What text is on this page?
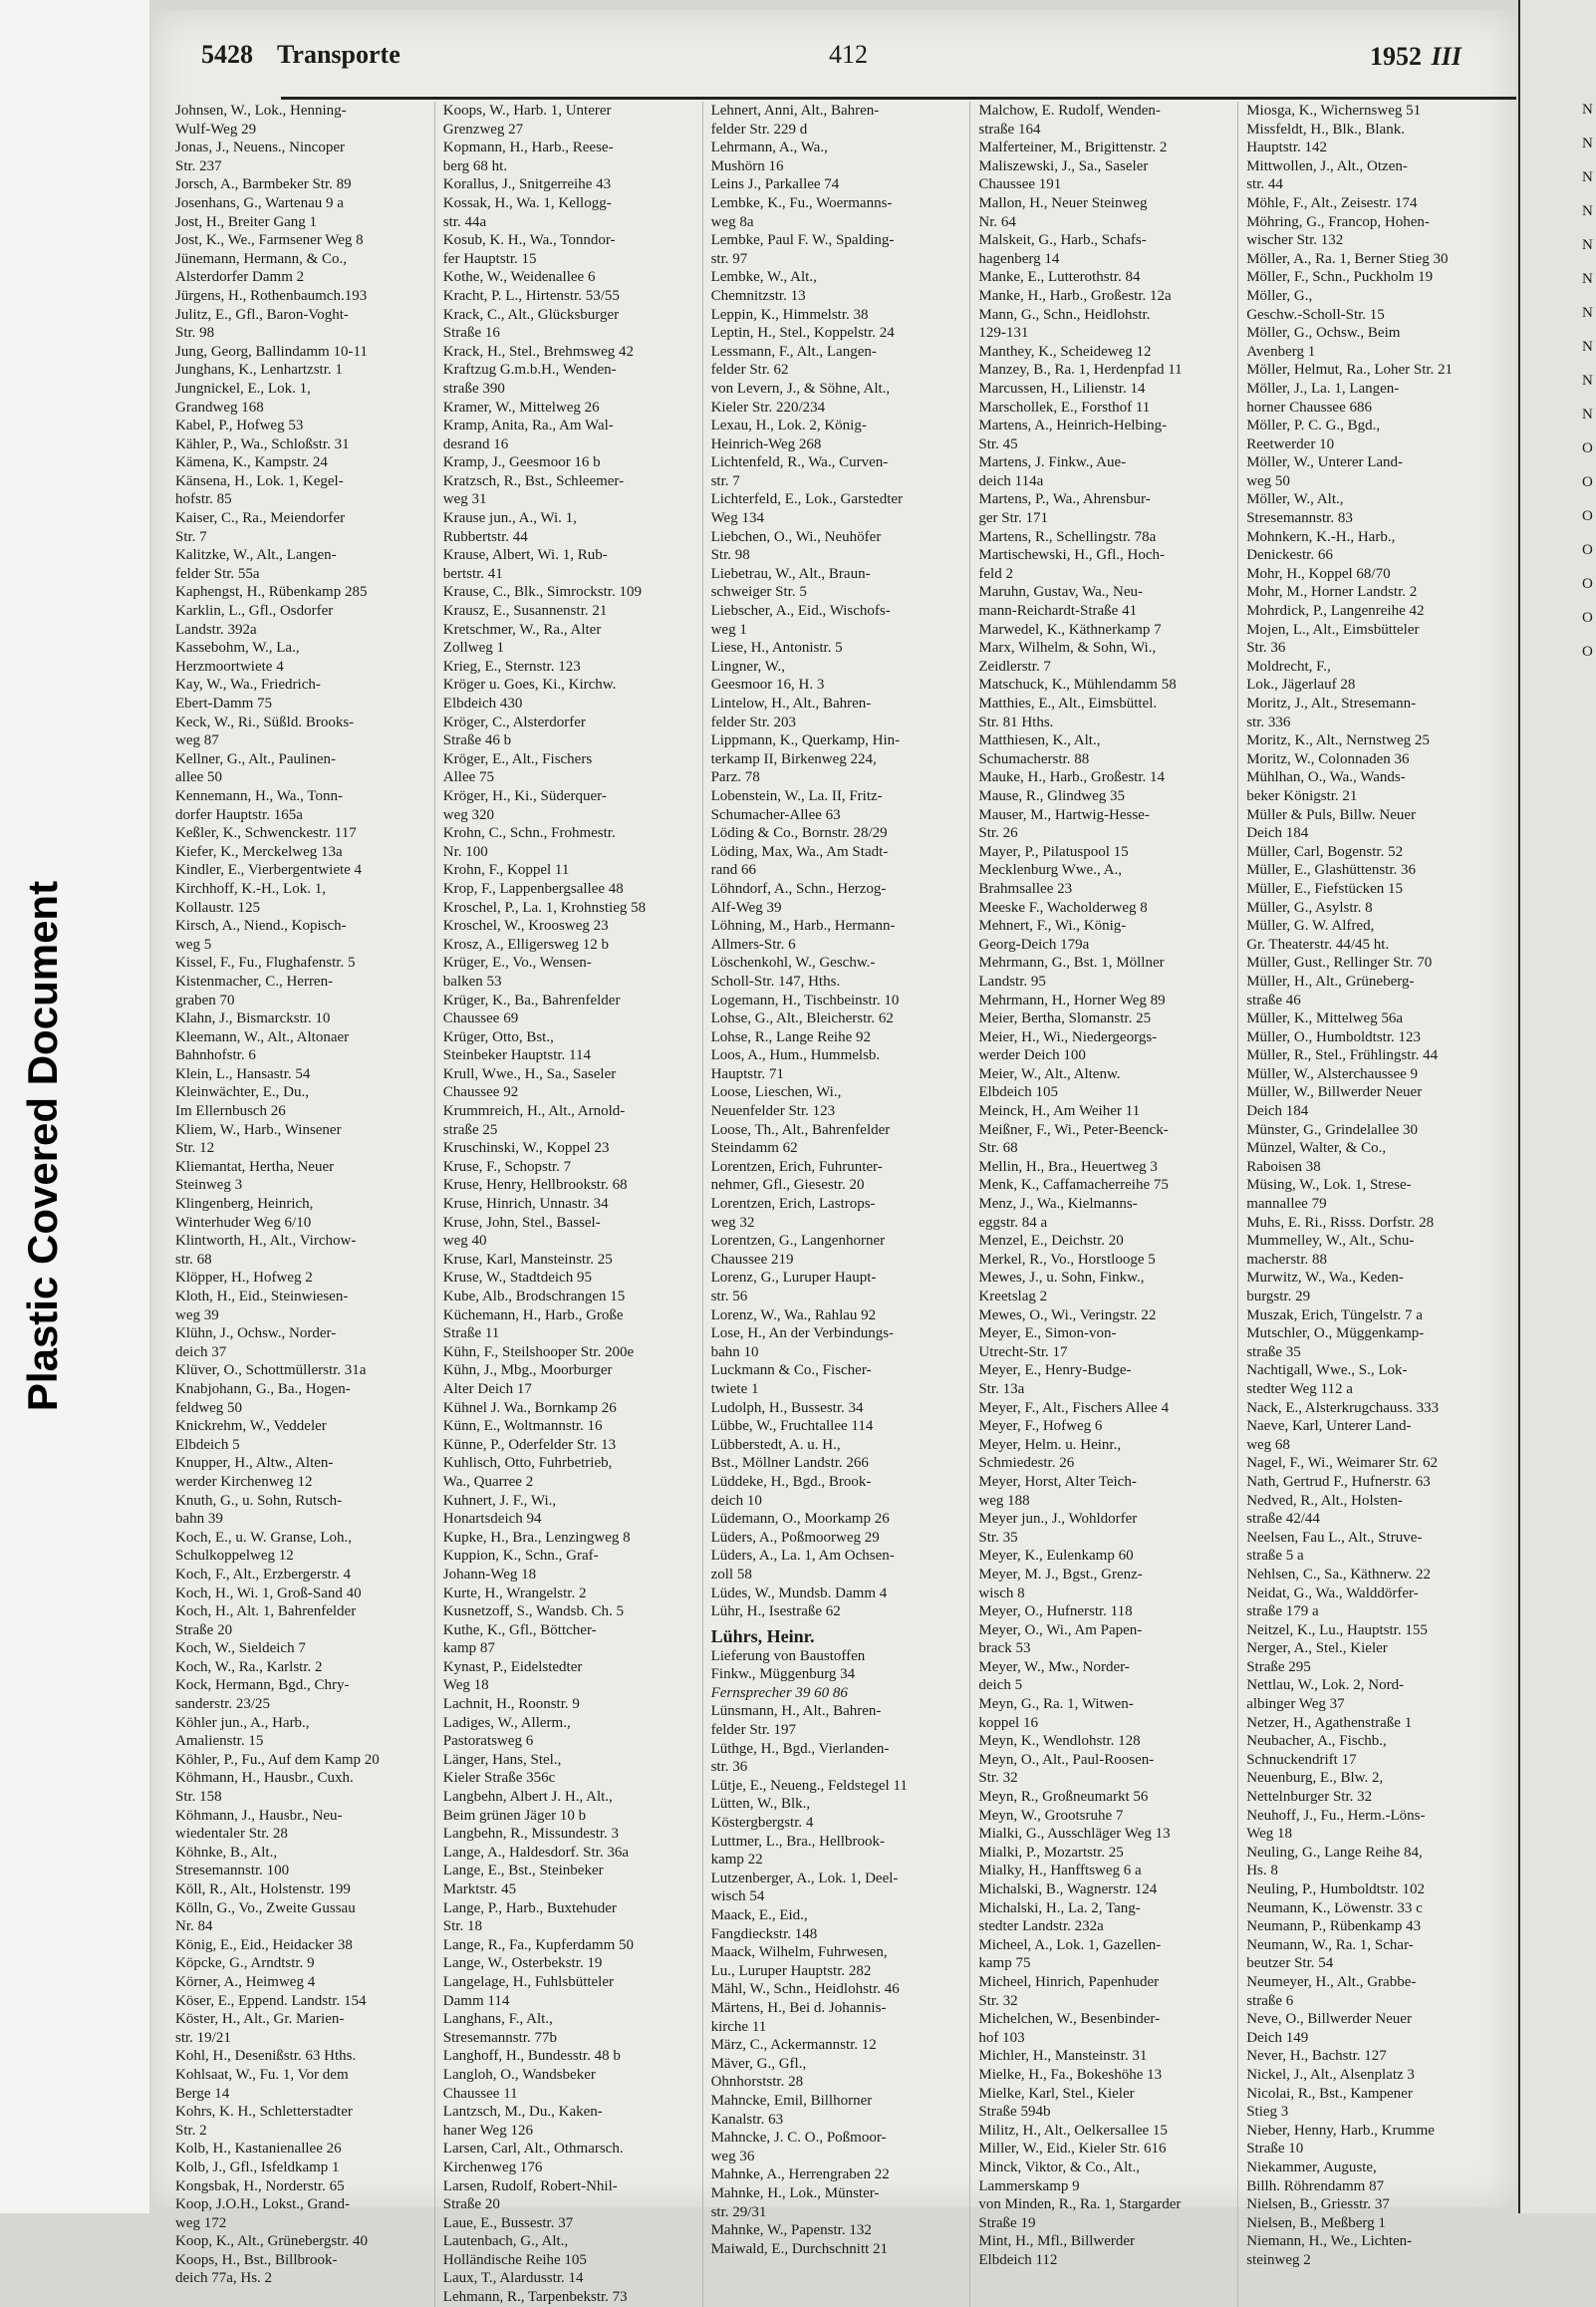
Plastic Covered Document
5428 Transporte	412	1952 III
Johnsen, W., Lok., Henning-
Wulf-Weg 29
Jonas, J., Neuens., Nincoper
Str. 237
Jorsch, A., Barmbeker Str. 89
Josenhans, G., Wartenau 9 a
Jost, H., Breiter Gang 1
Jost, K., We., Farmsener Weg 8
Jünemann, Hermann, & Co.,
Alsterdorfer Damm 2
Jürgens, H., Rothenbaumch.193
Julitz, E., Gfl., Baron-Voght-
Str. 98
Jung, Georg, Ballindamm 10-11
Junghans, K., Lenhartzstr. 1
Jungnickel, E., Lok. 1,
Grandweg 168
Kabel, P., Hofweg 53
Kähler, P., Wa., Schloßstr. 31
Kämena, K., Kampstr. 24
Känsena, H., Lok. 1, Kegel-
hofstr. 85
Kaiser, C., Ra., Meiendorfer
Str. 7
Kalitzke, W., Alt., Langen-
felder Str. 55a
Kaphengst, H., Rübenkamp 285
Karklin, L., Gfl., Osdorfer
Landstr. 392a
Kassebohm, W., La.,
Herzmoortwiete 4
Kay, W., Wa., Friedrich-
Ebert-Damm 75
Keck, W., Ri., Süßld. Brooks-
weg 87
Kellner, G., Alt., Paulinen-
allee 50
Kennemann, H., Wa., Tonn-
dorfer Hauptstr. 165a
Keßler, K., Schwenckestr. 117
Kiefer, K., Merckelweg 13a
Kindler, E., Vierbergentwiete 4
Kirchhoff, K.-H., Lok. 1,
Kollaustr. 125
Kirsch, A., Niend., Kopisch-
weg 5
Kissel, F., Fu., Flughafenstr. 5
Kistenmacher, C., Herren-
graben 70
Klahn, J., Bismarckstr. 10
Kleemann, W., Alt., Altonaer
Bahnhofstr. 6
Klein, L., Hansastr. 54
Kleinwächter, E., Du.,
Im Ellernbusch 26
Kliem, W., Harb., Winsener
Str. 12
Kliemantat, Hertha, Neuer
Steinweg 3
Klingenberg, Heinrich,
Winterhuder Weg 6/10
Klintworth, H., Alt., Virchow-
str. 68
Klöpper, H., Hofweg 2
Kloth, H., Eid., Steinwiesen-
weg 39
Klühn, J., Ochsw., Norder-
deich 37
Klüver, O., Schottmüllerstr. 31a
Knabjohann, G., Ba., Hogen-
feldweg 50
Knickrehm, W., Veddeler
Elbdeich 5
Knupper, H., Altw., Alten-
werder Kirchenweg 12
Knuth, G., u. Sohn, Rutsch-
bahn 39
Koch, E., u. W. Granse, Loh.,
Schulkoppelweg 12
Koch, F., Alt., Erzbergerstr. 4
Koch, H., Wi. 1, Groß-Sand 40
Koch, H., Alt. 1, Bahrenfelder
Straße 20
Koch, W., Sieldeich 7
Koch, W., Ra., Karlstr. 2
Kock, Hermann, Bgd., Chry-
sanderstr. 23/25
Köhler jun., A., Harb.,
Amalienstr. 15
Köhler, P., Fu., Auf dem Kamp 20
Köhmann, H., Hausbr., Cuxh.
Str. 158
Köhmann, J., Hausbr., Neu-
wiedentaler Str. 28
Köhnke, B., Alt.,
Stresemannstr. 100
Köll, R., Alt., Holstenstr. 199
Kölln, G., Vo., Zweite Gussau
Nr. 84
König, E., Eid., Heidacker 38
Köpcke, G., Arndtstr. 9
Körner, A., Heimweg 4
Köser, E., Eppend. Landstr. 154
Köster, H., Alt., Gr. Marien-
str. 19/21
Kohl, H., Desenißstr. 63 Hths.
Kohlsaat, W., Fu. 1, Vor dem
Berge 14
Kohrs, K. H., Schletterstadter
Str. 2
Kolb, H., Kastanienallee 26
Kolb, J., Gfl., Isfeldkamp 1
Kongsbak, H., Norderstr. 65
Koop, J.O.H., Lokst., Grand-
weg 172
Koop, K., Alt., Grünebergstr. 40
Koops, H., Bst., Billbrook-
deich 77a, Hs. 2
Koops, W., Harb. 1, Unterer
Grenzweg 27
Kopmann, H., Harb., Reese-
berg 68 ht.
Korallus, J., Snitgerreihe 43
Kossak, H., Wa. 1, Kellogg-
str. 44a
Kosub, K. H., Wa., Tonndor-
fer Hauptstr. 15
Kothe, W., Weidenallee 6
Kracht, P. L., Hirtenstr. 53/55
Krack, C., Alt., Glücksburger
Straße 16
Krack, H., Stel., Brehmsweg 42
Kraftzug G.m.b.H., Wenden-
straße 390
Kramer, W., Mittelweg 26
Kramp, Anita, Ra., Am Wal-
desrand 16
Kramp, J., Geesmoor 16 b
Kratzsch, R., Bst., Schleemer-
weg 31
Krause jun., A., Wi. 1,
Rubbertstr. 44
Krause, Albert, Wi. 1, Rub-
bertstr. 41
Krause, C., Blk., Simrockstr. 109
Krausz, E., Susannenstr. 21
Kretschmer, W., Ra., Alter
Zollweg 1
Krieg, E., Sternstr. 123
Kröger u. Goes, Ki., Kirchw.
Elbdeich 430
Kröger, C., Alsterdorfer
Straße 46 b
Kröger, E., Alt., Fischers
Allee 75
Kröger, H., Ki., Süderquer-
weg 320
Krohn, C., Schn., Frohmestr.
Nr. 100
Krohn, F., Koppel 11
Krop, F., Lappenbergsallee 48
Kroschel, P., La. 1, Krohnstieg 58
Kroschel, W., Kroosweg 23
Krosz, A., Elligersweg 12 b
Krüger, E., Vo., Wensen-
balken 53
Krüger, K., Ba., Bahrenfelder
Chaussee 69
Krüger, Otto, Bst.,
Steinbeker Hauptstr. 114
Krull, Wwe., H., Sa., Saseler
Chaussee 92
Krummreich, H., Alt., Arnold-
straße 25
Kruschinski, W., Koppel 23
Kruse, F., Schopstr. 7
Kruse, Henry, Hellbrookstr. 68
Kruse, Hinrich, Unnastr. 34
Kruse, John, Stel., Bassel-
weg 40
Kruse, Karl, Mansteinstr. 25
Kruse, W., Stadtdeich 95
Kube, Alb., Brodschrangen 15
Küchemann, H., Harb., Große
Straße 11
Kühn, F., Steilshooper Str. 200e
Kühn, J., Mbg., Moorburger
Alter Deich 17
Kühnel J. Wa., Bornkamp 26
Künn, E., Woltmannstr. 16
Künne, P., Oderfelder Str. 13
Kuhlisch, Otto, Fuhrbetrieb,
Wa., Quarree 2
Kuhnert, J. F., Wi.,
Honartsdeich 94
Kupke, H., Bra., Lenzingweg 8
Kuppion, K., Schn., Graf-
Johann-Weg 18
Kurte, H., Wrangelstr. 2
Kusnetzoff, S., Wandsb. Ch. 5
Kuthe, K., Gfl., Böttcher-
kamp 87
Kynast, P., Eidelstedter
Weg 18
Lachnit, H., Roonstr. 9
Ladiges, W., Allerm.,
Pastoratsweg 6
Länger, Hans, Stel.,
Kieler Straße 356c
Langbehn, Albert J. H., Alt.,
Beim grünen Jäger 10 b
Langbehn, R., Missundestr. 3
Lange, A., Haldesdorf. Str. 36a
Lange, E., Bst., Steinbeker
Marktstr. 45
Lange, P., Harb., Buxtehuder
Str. 18
Lange, R., Fa., Kupferdamm 50
Lange, W., Osterbekstr. 19
Langelage, H., Fuhlsbütteler
Damm 114
Langhans, F., Alt.,
Stresemannstr. 77b
Langhoff, H., Bundesstr. 48 b
Langloh, O., Wandsbeker
Chaussee 11
Lantzsch, M., Du., Kaken-
haner Weg 126
Larsen, Carl, Alt., Othmarsch.
Kirchenweg 176
Larsen, Rudolf, Robert-Nhil-
Straße 20
Laue, E., Bussestr. 37
Lautenbach, G., Alt.,
Holländische Reihe 105
Laux, T., Alardusstr. 14
Lehmann, R., Tarpenbekstr. 73
Lehnert, Anni, Alt., Bahren-
felder Str. 229 d
Lehrmann, A., Wa.,
Mushörn 16
Leins J., Parkallee 74
Lembke, K., Fu., Woermanns-
weg 8a
Lembke, Paul F. W., Spalding-
str. 97
Lembke, W., Alt.,
Chemnitzstr. 13
Leppin, K., Himmelstr. 38
Leptin, H., Stel., Koppelstr. 24
Lessmann, F., Alt., Langen-
felder Str. 62
von Levern, J., & Söhne, Alt.,
Kieler Str. 220/234
Lexau, H., Lok. 2, König-
Heinrich-Weg 268
Lichtenfeld, R., Wa., Curven-
str. 7
Lichterfeld, E., Lok., Garstedter
Weg 134
Liebchen, O., Wi., Neuhöfer
Str. 98
Liebetrau, W., Alt., Braun-
schweiger Str. 5
Liebscher, A., Eid., Wischofs-
weg 1
Liese, H., Antonistr. 5
Lingner, W.,
Geesmoor 16, H. 3
Lintelow, H., Alt., Bahren-
felder Str. 203
Lippmann, K., Querkamp, Hin-
terkamp II, Birkenweg 224,
Parz. 78
Lobenstein, W., La. II, Fritz-
Schumacher-Allee 63
Löding & Co., Bornstr. 28/29
Löding, Max, Wa., Am Stadt-
rand 66
Löhndorf, A., Schn., Herzog-
Alf-Weg 39
Löhning, M., Harb., Hermann-
Allmers-Str. 6
Löschenkohl, W., Geschw.-
Scholl-Str. 147, Hths.
Logemann, H., Tischbeinstr. 10
Lohse, G., Alt., Bleicherstr. 62
Lohse, R., Lange Reihe 92
Loos, A., Hum., Hummelsb.
Hauptstr. 71
Loose, Lieschen, Wi.,
Neuenfelder Str. 123
Loose, Th., Alt., Bahrenfelder
Steindamm 62
Lorentzen, Erich, Fuhrunter-
nehmer, Gfl., Giesestr. 20
Lorentzen, Erich, Lastrops-
weg 32
Lorentzen, G., Langenhorner
Chaussee 219
Lorenz, G., Luruper Haupt-
str. 56
Lorenz, W., Wa., Rahlau 92
Lose, H., An der Verbindungs-
bahn 10
Luckmann & Co., Fischer-
twiete 1
Ludolph, H., Bussestr. 34
Lübbe, W., Fruchtallee 114
Lübberstedt, A. u. H.,
Bst., Möllner Landstr. 266
Lüddeke, H., Bgd., Brook-
deich 10
Lüdemann, O., Moorkamp 26
Lüders, A., Poßmoorweg 29
Lüders, A., La. 1, Am Ochsen-
zoll 58
Lüdes, W., Mundsb. Damm 4
Lühr, H., Isestraße 62
Lührs, Heinr.
Lieferung von Baustoffen
Finkw., Müggenburg 34
Fernsprecher 39 60 86
Lünsmann, H., Alt., Bahren-
felder Str. 197
Lüthge, H., Bgd., Vierlanden-
str. 36
Lütje, E., Neueng., Feldstegel 11
Lütten, W., Blk.,
Köstergbergstr. 4
Luttmer, L., Bra., Hellbrook-
kamp 22
Lutzenberger, A., Lok. 1, Deel-
wisch 54
Maack, E., Eid.,
Fangdieckstr. 148
Maack, Wilhelm, Fuhrwesen,
Lu., Luruper Hauptstr. 282
Mähl, W., Schn., Heidlohstr. 46
Märtens, H., Bei d. Johannis-
kirche 11
März, C., Ackermannstr. 12
Mäver, G., Gfl.,
Ohnhorststr. 28
Mahncke, Emil, Billhorner
Kanalstr. 63
Mahncke, J. C. O., Poßmoor-
weg 36
Mahnke, A., Herrengraben 22
Mahnke, H., Lok., Münster-
str. 29/31
Mahnke, W., Papenstr. 132
Maiwald, E., Durchschnitt 21
Malchow, E. Rudolf, Wenden-
straße 164
Malferteiner, M., Brigittenstr. 2
Maliszewski, J., Sa., Saseler
Chaussee 191
Mallon, H., Neuer Steinweg
Nr. 64
Malskeit, G., Harb., Schafs-
hagenberg 14
Manke, E., Lutterothstr. 84
Manke, H., Harb., Großestr. 12a
Mann, G., Schn., Heidlohstr.
129-131
Manthey, K., Scheideweg 12
Manzey, B., Ra. 1, Herdenpfad 11
Marcussen, H., Lilienstr. 14
Marschollek, E., Forsthof 11
Martens, A., Heinrich-Helbing-
Str. 45
Martens, J. Finkw., Aue-
deich 114a
Martens, P., Wa., Ahrensbur-
ger Str. 171
Martens, R., Schellingstr. 78a
Martischewski, H., Gfl., Hoch-
feld 2
Maruhn, Gustav, Wa., Neu-
mann-Reichardt-Straße 41
Marwedel, K., Käthnerkamp 7
Marx, Wilhelm, & Sohn, Wi.,
Zeidlerstr. 7
Matschuck, K., Mühlendamm 58
Matthies, E., Alt., Eimsbüttel.
Str. 81 Hths.
Matthiesen, K., Alt.,
Schumacherstr. 88
Mauke, H., Harb., Großestr. 14
Mause, R., Glindweg 35
Mauser, M., Hartwig-Hesse-
Str. 26
Mayer, P., Pilatuspool 15
Mecklenburg Wwe., A.,
Brahmsallee 23
Meeske F., Wacholderweg 8
Mehnert, F., Wi., König-
Georg-Deich 179a
Mehrmann, G., Bst. 1, Möllner
Landstr. 95
Mehrmann, H., Horner Weg 89
Meier, Bertha, Slomanstr. 25
Meier, H., Wi., Niedergeorgs-
werder Deich 100
Meier, W., Alt., Altenw.
Elbdeich 105
Meinck, H., Am Weiher 11
Meißner, F., Wi., Peter-Beenck-
Str. 68
Mellin, H., Bra., Heuertweg 3
Menk, K., Caffamacherreihe 75
Menz, J., Wa., Kielmanns-
eggstr. 84 a
Menzel, E., Deichstr. 20
Merkel, R., Vo., Horstlooge 5
Mewes, J., u. Sohn, Finkw.,
Kreetslag 2
Mewes, O., Wi., Veringstr. 22
Meyer, E., Simon-von-
Utrecht-Str. 17
Meyer, E., Henry-Budge-
Str. 13a
Meyer, F., Alt., Fischers Allee 4
Meyer, F., Hofweg 6
Meyer, Helm. u. Heinr.,
Schmiedestr. 26
Meyer, Horst, Alter Teich-
weg 188
Meyer jun., J., Wohldorfer
Str. 35
Meyer, K., Eulenkamp 60
Meyer, M. J., Bgst., Grenz-
wisch 8
Meyer, O., Hufnerstr. 118
Meyer, O., Wi., Am Papen-
brack 53
Meyer, W., Mw., Norder-
deich 5
Meyn, G., Ra. 1, Witwen-
koppel 16
Meyn, K., Wendlohstr. 128
Meyn, O., Alt., Paul-Roosen-
Str. 32
Meyn, R., Großneumarkt 56
Meyn, W., Grootsruhe 7
Mialki, G., Ausschläger Weg 13
Mialki, P., Mozartstr. 25
Mialky, H., Hanfftsweg 6 a
Michalski, B., Wagnerstr. 124
Michalski, H., La. 2, Tang-
stedter Landstr. 232a
Micheel, A., Lok. 1, Gazellen-
kamp 75
Micheel, Hinrich, Papenhuder
Str. 32
Michelchen, W., Besenbinder-
hof 103
Michler, H., Mansteinstr. 31
Mielke, H., Fa., Bokeshöhe 13
Mielke, Karl, Stel., Kieler
Straße 594b
Militz, H., Alt., Oelkersallee 15
Miller, W., Eid., Kieler Str. 616
Minck, Viktor, & Co., Alt.,
Lammerskamp 9
von Minden, R., Ra. 1, Stargarder
Straße 19
Mint, H., Mfl., Billwerder
Elbdeich 112
Miosga, K., Wichernsweg 51
Missfeldt, H., Blk., Blank.
Hauptstr. 142
Mittwollen, J., Alt., Otzen-
str. 44
Möhle, F., Alt., Zeisestr. 174
Möhring, G., Francop, Hohen-
wischer Str. 132
Möller, A., Ra. 1, Berner Stieg 30
Möller, F., Schn., Puckholm 19
Möller, G.,
Geschw.-Scholl-Str. 15
Möller, G., Ochsw., Beim
Avenberg 1
Möller, Helmut, Ra., Loher Str. 21
Möller, J., La. 1, Langen-
horner Chaussee 686
Möller, P. C. G., Bgd.,
Reetwerder 10
Möller, W., Unterer Land-
weg 50
Möller, W., Alt.,
Stresemannstr. 83
Mohnkern, K.-H., Harb.,
Denickestr. 66
Mohr, H., Koppel 68/70
Mohr, M., Horner Landstr. 2
Mohrdick, P., Langenreihe 42
Mojen, L., Alt., Eimsbütteler
Str. 36
Moldrecht, F.,
Lok., Jägerlauf 28
Moritz, J., Alt., Stresemann-
str. 336
Moritz, K., Alt., Nernstweg 25
Moritz, W., Colonnaden 36
Mühlhan, O., Wa., Wands-
beker Königstr. 21
Müller & Puls, Billw. Neuer
Deich 184
Müller, Carl, Bogenstr. 52
Müller, E., Glashüttenstr. 36
Müller, E., Fiefstücken 15
Müller, G., Asylstr. 8
Müller, G. W. Alfred,
Gr. Theaterstr. 44/45 ht.
Müller, Gust., Rellinger Str. 70
Müller, H., Alt., Grüneberg-
straße 46
Müller, K., Mittelweg 56a
Müller, O., Humboldtstr. 123
Müller, R., Stel., Frühlingstr. 44
Müller, W., Alsterchaussee 9
Müller, W., Billwerder Neuer
Deich 184
Münster, G., Grindelallee 30
Münzel, Walter, & Co.,
Raboisen 38
Müsing, W., Lok. 1, Strese-
mannallee 79
Muhs, E. Ri., Risss. Dorfstr. 28
Mummelley, W., Alt., Schu-
macherstr. 88
Murwitz, W., Wa., Keden-
burgstr. 29
Muszak, Erich, Tüngelstr. 7 a
Mutschler, O., Müggenkamp-
straße 35
Nachtigall, Wwe., S., Lok-
stedter Weg 112 a
Nack, E., Alsterkrugchauss. 333
Naeve, Karl, Unterer Land-
weg 68
Nagel, F., Wi., Weimarer Str. 62
Nath, Gertrud F., Hufnerstr. 63
Nedved, R., Alt., Holsten-
straße 42/44
Neelsen, Fau L., Alt., Struve-
straße 5 a
Nehlsen, C., Sa., Käthnerw. 22
Neidat, G., Wa., Walddörfer-
straße 179 a
Neitzel, K., Lu., Hauptstr. 155
Nerger, A., Stel., Kieler
Straße 295
Nettlau, W., Lok. 2, Nord-
albinger Weg 37
Netzer, H., Agathenstraße 1
Neubacher, A., Fischb.,
Schnuckendrift 17
Neuenburg, E., Blw. 2,
Nettelnburger Str. 32
Neuhoff, J., Fu., Herm.-Löns-
Weg 18
Neuling, G., Lange Reihe 84,
Hs. 8
Neuling, P., Humboldtstr. 102
Neumann, K., Löwenstr. 33 c
Neumann, P., Rübenkamp 43
Neumann, W., Ra. 1, Schar-
beutzer Str. 54
Neumeyer, H., Alt., Grabbe-
straße 6
Neve, O., Billwerder Neuer
Deich 149
Never, H., Bachstr. 127
Nickel, J., Alt., Alsenplatz 3
Nicolai, R., Bst., Kampener
Stieg 3
Nieber, Henny, Harb., Krumme
Straße 10
Niekammer, Auguste,
Billh. Röhrendamm 87
Nielsen, B., Griesstr. 37
Nielsen, B., Meßberg 1
Niemann, H., We., Lichten-
steinweg 2
N
N
N
N
N
N
N
N
N
N
O
O
O
O
O
O
O
